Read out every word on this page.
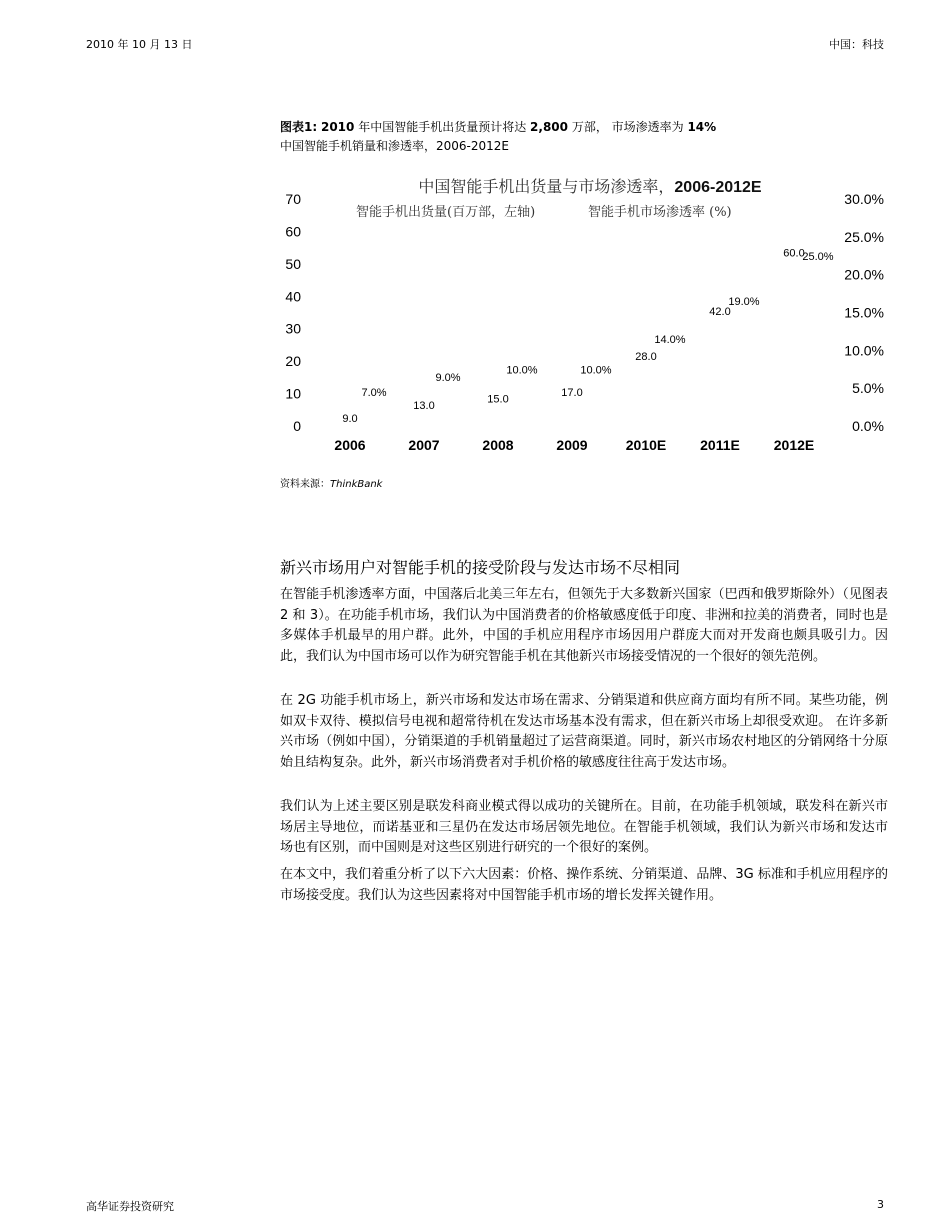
2010 年 10 月 13 日	中国：科技
图表1: 2010 年中国智能手机出货量预计将达 2,800 万部， 市场渗透率为 14%
中国智能手机销量和渗透率，2006-2012E
中国智能手机出货量与市场渗透率，2006-2012E
智能手机出货量(百万部，左轴)	智能手机市场渗透率 (%)
0
10
20
30
40
50
60
70
0.0%
5.0%
10.0%
15.0%
20.0%
25.0%
30.0%
2006	2007	2008	2009	2010E 2011E 2012E
9.0
13.0
15.0
17.0
28.0
42.0
60.0
7.0%
9.0%
10.0%	10.0%
14.0%
19.0%
25.0%
资料来源：ThinkBank
新兴市场用户对智能手机的接受阶段与发达市场不尽相同

在智能手机渗透率方面，中国落后北美三年左右，但领先于大多数新兴国家（巴西和俄罗斯除外）（见图表 2 和 3）。在功能手机市场，我们认为中国消费者的价格敏感度低于印度、非洲和拉美的消费者，同时也是多媒体手机最早的用户群。此外，中国的手机应用程序市场因用户群庞大而对开发商也颇具吸引力。因此，我们认为中国市场可以作为研究智能手机在其他新兴市场接受情况的一个很好的领先范例。

在 2G 功能手机市场上，新兴市场和发达市场在需求、分销渠道和供应商方面均有所不同。某些功能，例如双卡双待、模拟信号电视和超常待机在发达市场基本没有需求，但在新兴市场上却很受欢迎。 在许多新兴市场（例如中国），分销渠道的手机销量超过了运营商渠道。同时，新兴市场农村地区的分销网络十分原始且结构复杂。此外，新兴市场消费者对手机价格的敏感度往往高于发达市场。

我们认为上述主要区别是联发科商业模式得以成功的关键所在。目前，在功能手机领域，联发科在新兴市场居主导地位，而诺基亚和三星仍在发达市场居领先地位。在智能手机领域，我们认为新兴市场和发达市场也有区别，而中国则是对这些区别进行研究的一个很好的案例。

在本文中，我们着重分析了以下六大因素：价格、操作系统、分销渠道、品牌、3G 标准和手机应用程序的市场接受度。我们认为这些因素将对中国智能手机市场的增长发挥关键作用。

高华证券投资研究	3
